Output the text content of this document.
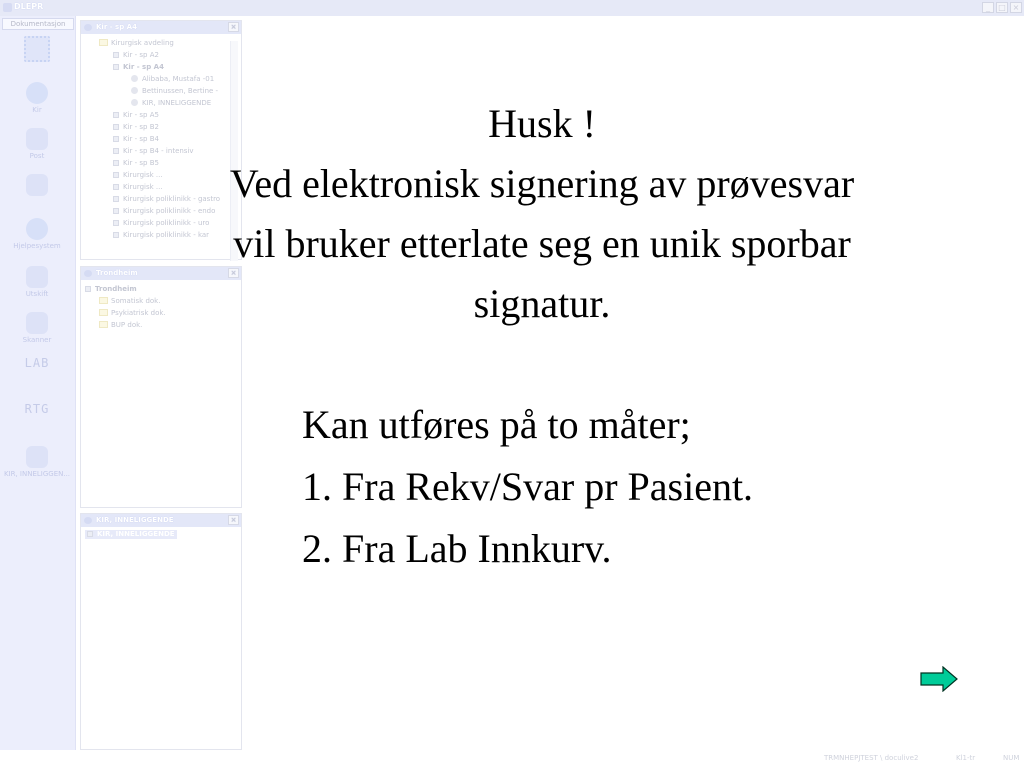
DLEPR	_	□ ×
Dokumentasjon
Kir
Post
Hjelpesystem
Utskift
Skanner
LAB
RTG
KIR, INNELIGGEN...
Kir - sp A4	×
Kirurgisk avdeling
Kir - sp A2
Kir - sp A4
Alibaba, Mustafa -01
Bettinussen, Bertine -
KIR, INNELIGGENDE
Kir - sp A5
Kir - sp B2
Kir - sp B4
Kir - sp B4 - intensiv
Kir - sp B5
Kirurgisk ...
Kirurgisk ...
Kirurgisk poliklinikk - gastro
Kirurgisk poliklinikk - endo
Kirurgisk poliklinikk - uro
Kirurgisk poliklinikk - kar
Trondheim	×
Trondheim
Somatisk dok.
Psykiatrisk dok.
BUP dok.
KIR, INNELIGGENDE	×
KIR, INNELIGGENDE
TRMNHEPJTEST \ doculive2	Kl1-tr	NUM
Husk !
Ved elektronisk signering av prøvesvar
vil bruker etterlate seg en unik sporbar
signatur.
Kan utføres på to måter;
1. Fra Rekv/Svar pr Pasient.
2. Fra Lab Innkurv.
